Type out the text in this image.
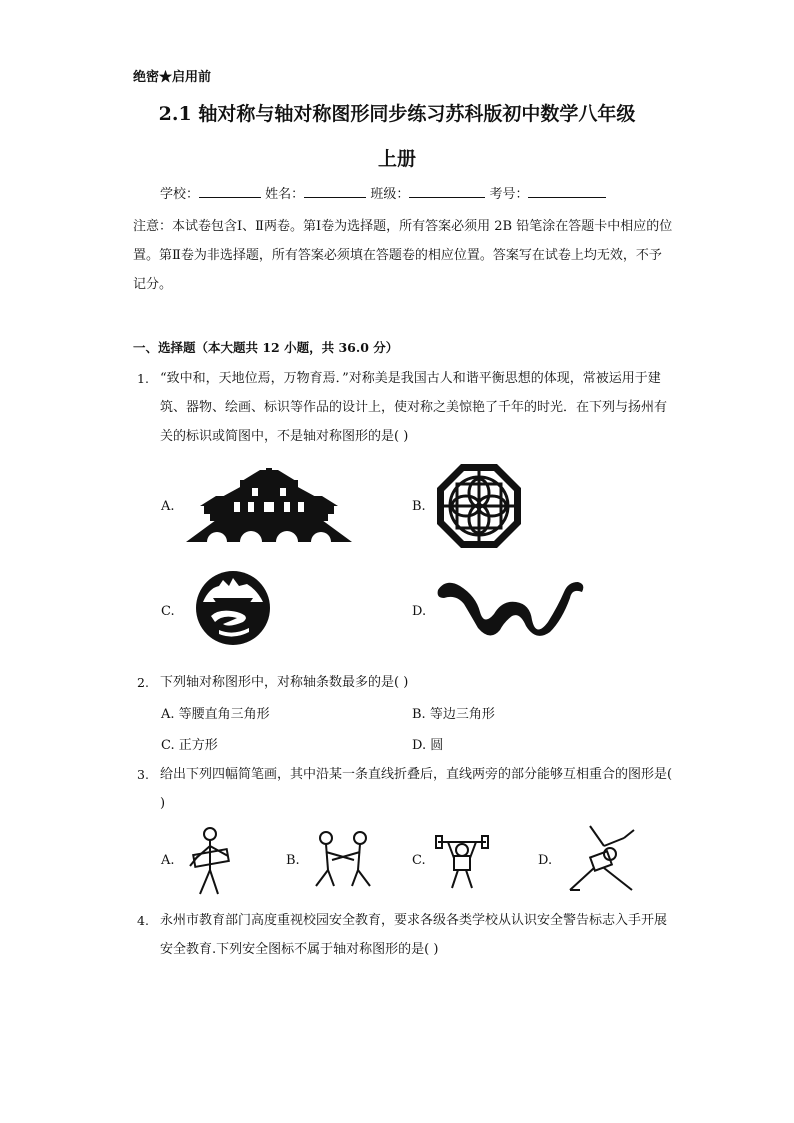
绝密★启用前
2.1 轴对称与轴对称图形同步练习苏科版初中数学八年级
上册
学校：	姓名：	班级：	考号：
注意：本试卷包含Ⅰ、Ⅱ两卷。第Ⅰ卷为选择题，所有答案必须用 2B 铅笔涂在答题卡中相应的位置。第Ⅱ卷为非选择题，所有答案必须填在答题卷的相应位置。答案写在试卷上均无效，不予记分。
一、选择题（本大题共 12 小题，共 36.0 分）
1. “致中和，天地位焉，万物育焉．”对称美是我国古人和谐平衡思想的体现，常被运用于建筑、器物、绘画、标识等作品的设计上，使对称之美惊艳了千年的时光．在下列与扬州有关的标识或简图中，不是轴对称图形的是( )
A.	B.
C.	D.
2. 下列轴对称图形中，对称轴条数最多的是( )
A. 等腰直角三角形	B. 等边三角形
C. 正方形	D. 圆
3. 给出下列四幅简笔画，其中沿某一条直线折叠后，直线两旁的部分能够互相重合的图形是( )
A.	B.	C.	D.
4. 永州市教育部门高度重视校园安全教育，要求各级各类学校从认识安全警告标志入手开展安全教育.下列安全图标不属于轴对称图形的是( )
